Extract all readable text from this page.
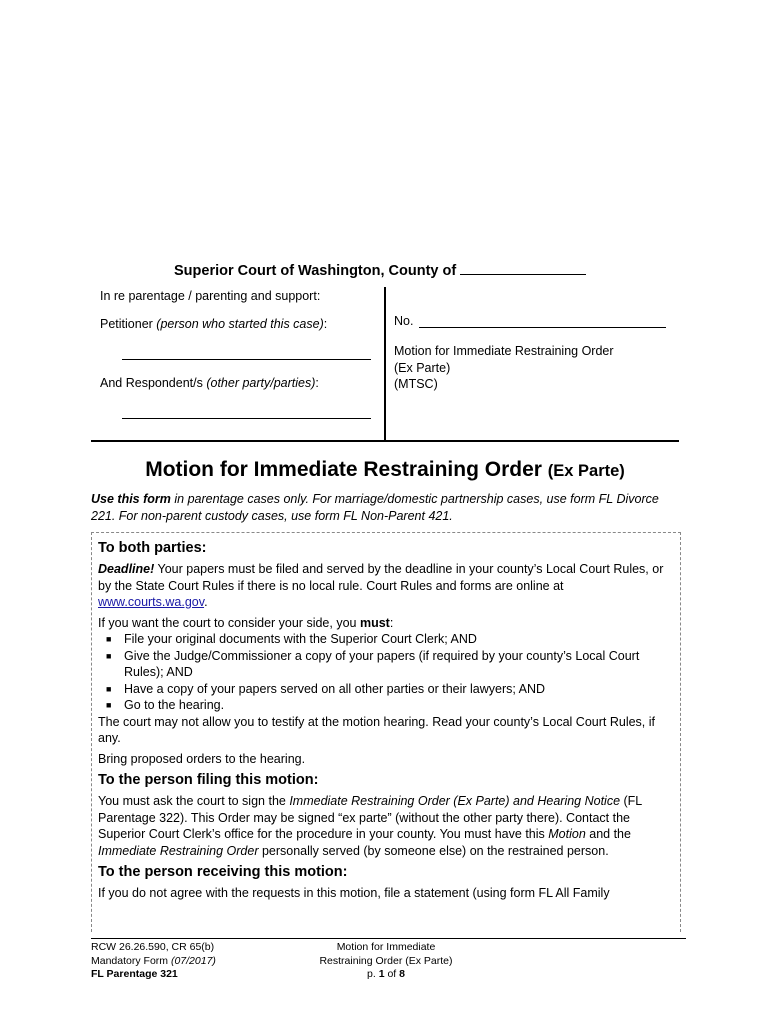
Superior Court of Washington, County of
In re parentage / parenting and support:
Petitioner (person who started this case):
And Respondent/s (other party/parties):
No.
Motion for Immediate Restraining Order
(Ex Parte)
(MTSC)
Motion for Immediate Restraining Order (Ex Parte)
Use this form in parentage cases only. For marriage/domestic partnership cases, use form FL Divorce 221. For non-parent custody cases, use form FL Non-Parent 421.
To both parties:

Deadline! Your papers must be filed and served by the deadline in your county’s Local Court Rules, or by the State Court Rules if there is no local rule. Court Rules and forms are online at www.courts.wa.gov.

If you want the court to consider your side, you must:

■ File your original documents with the Superior Court Clerk; AND
■ Give the Judge/Commissioner a copy of your papers (if required by your county’s Local Court Rules); AND
■ Have a copy of your papers served on all other parties or their lawyers; AND
■ Go to the hearing.

The court may not allow you to testify at the motion hearing. Read your county’s Local Court Rules, if any.

Bring proposed orders to the hearing.

To the person filing this motion:

You must ask the court to sign the Immediate Restraining Order (Ex Parte) and Hearing Notice (FL Parentage 322). This Order may be signed “ex parte” (without the other party there). Contact the Superior Court Clerk’s office for the procedure in your county. You must have this Motion and the Immediate Restraining Order personally served (by someone else) on the restrained person.

To the person receiving this motion:

If you do not agree with the requests in this motion, file a statement (using form FL All Family

RCW 26.26.590, CR 65(b)
Mandatory Form (07/2017)
FL Parentage 321
Motion for Immediate
Restraining Order (Ex Parte)
p. 1 of 8
